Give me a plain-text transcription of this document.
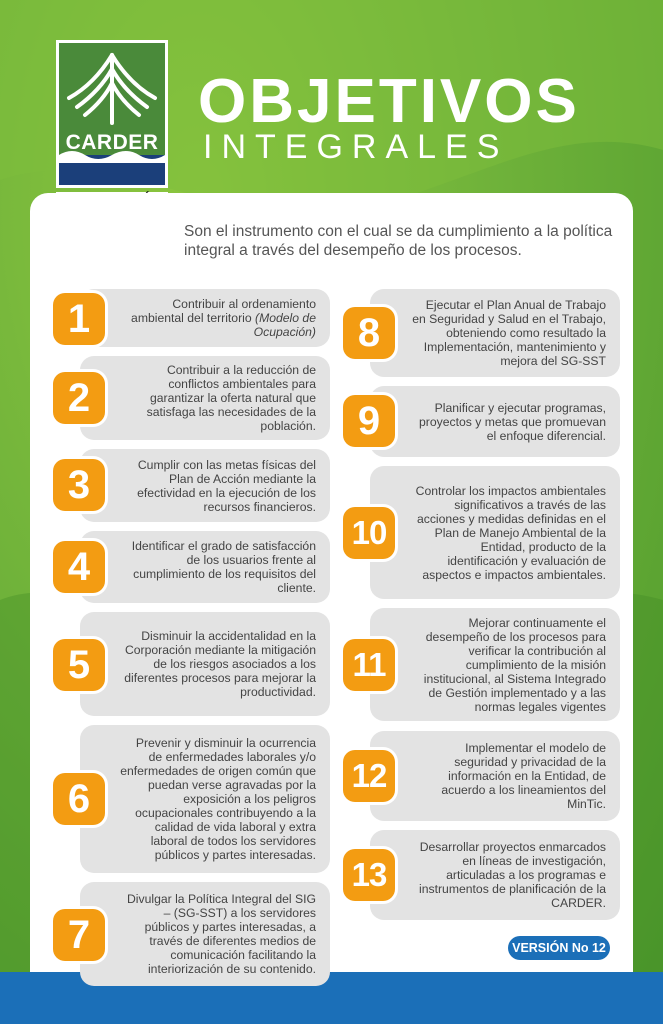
CARDER
OBJETIVOS
INTEGRALES
Son el instrumento con el cual se da cumplimiento a la política integral a través del desempeño de los procesos.
Contribuir al ordenamiento ambiental del territorio (Modelo de Ocupación)
1
Contribuir a la reducción de conflictos ambientales para garantizar la oferta natural que satisfaga las necesidades de la población.
2
Cumplir con las metas físicas del Plan de Acción mediante la efectividad en la ejecución de los recursos financieros.
3
Identificar el grado de satisfacción de los usuarios frente al cumplimiento de los requisitos del cliente.
4
Disminuir la accidentalidad en la Corporación mediante la mitigación de los riesgos asociados a los diferentes procesos para mejorar la productividad.
5
Prevenir y disminuir la ocurrencia de enfermedades laborales y/o enfermedades de origen común que puedan verse agravadas por la exposición a los peligros ocupacionales contribuyendo a la calidad de vida laboral y extra laboral de todos los servidores públicos y partes interesadas.
6
Divulgar la Política Integral del SIG – (SG-SST) a los servidores públicos y partes interesadas, a través de diferentes medios de comunicación facilitando la interiorización de su contenido.
7
Ejecutar el Plan Anual de Trabajo en Seguridad y Salud en el Trabajo, obteniendo como resultado la Implementación, mantenimiento y mejora del SG-SST
8
Planificar y ejecutar programas, proyectos y metas que promuevan el enfoque diferencial.
9
Controlar los impactos ambientales significativos a través de las acciones y medidas definidas en el Plan de Manejo Ambiental de la Entidad, producto de la identificación y evaluación de aspectos e impactos ambientales.
10
Mejorar continuamente el desempeño de los procesos para verificar la contribución al cumplimiento de la misión institucional, al Sistema Integrado de Gestión implementado y a las normas legales vigentes
11
Implementar el modelo de seguridad y privacidad de la información en la Entidad, de acuerdo a los lineamientos del MinTic.
12
Desarrollar proyectos enmarcados en líneas de investigación, articuladas a los programas e instrumentos de planificación de la CARDER.
13
VERSIÓN No 12
